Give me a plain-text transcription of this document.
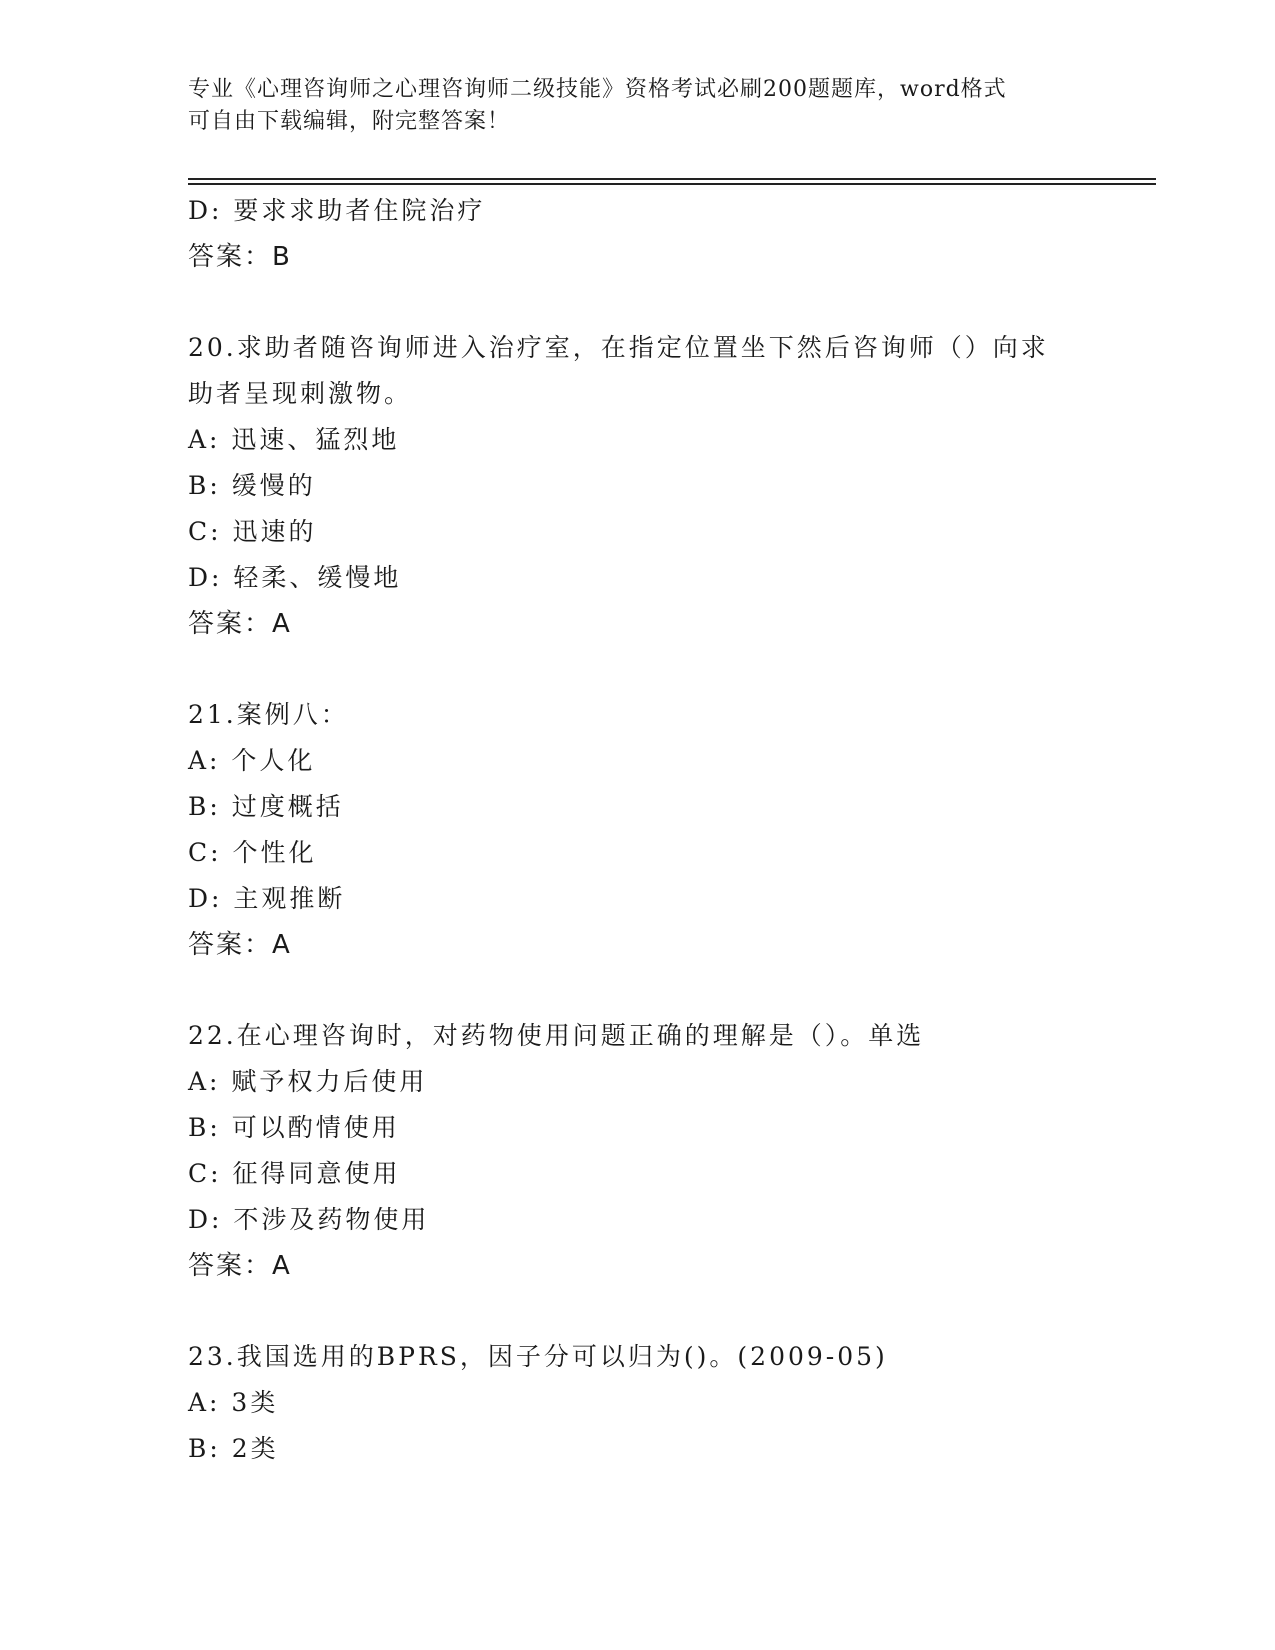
专业《心理咨询师之心理咨询师二级技能》资格考试必刷200题题库，word格式
可自由下载编辑，附完整答案！
D: 要求求助者住院治疗
答案：B
20.求助者随咨询师进入治疗室，在指定位置坐下然后咨询师（）向求
助者呈现刺激物。
A: 迅速、猛烈地
B: 缓慢的
C: 迅速的
D: 轻柔、缓慢地
答案：A
21.案例八：
A: 个人化
B: 过度概括
C: 个性化
D: 主观推断
答案：A
22.在心理咨询时，对药物使用问题正确的理解是（）。单选
A: 赋予权力后使用
B: 可以酌情使用
C: 征得同意使用
D: 不涉及药物使用
答案：A
23.我国选用的BPRS，因子分可以归为()。(2009-05)
A: 3类
B: 2类
